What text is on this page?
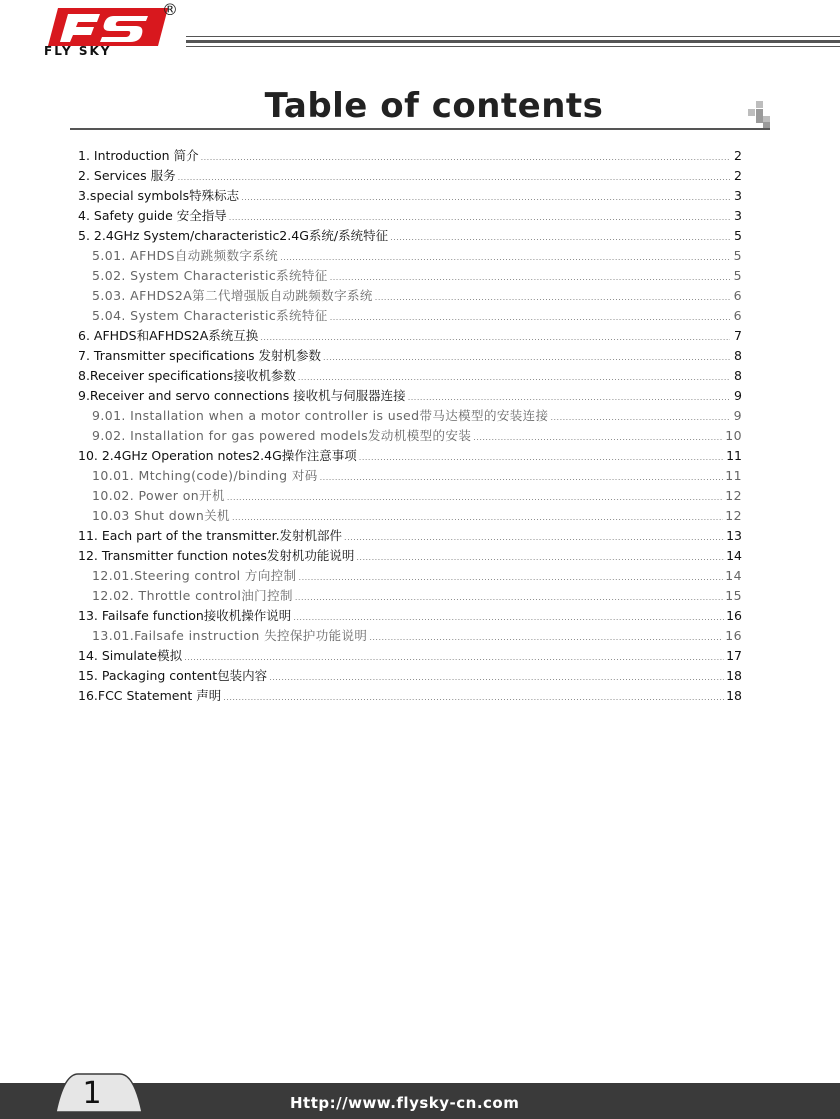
®
FLY SKY
Table of contents
1. Introduction 简介 .....	2
2. Services 服务 .....	2
3.special symbols特殊标志 .....	3
4. Safety guide 安全指导 .....	3
5. 2.4GHz System/characteristic2.4G系统/系统特征 .....	5
5.01. AFHDS自动跳频数字系统 .....	5
5.02. System Characteristic系统特征 .....	5
5.03. AFHDS2A第二代增强版自动跳频数字系统 .....	6
5.04. System Characteristic系统特征 .....	6
6. AFHDS和AFHDS2A系统互换 .....	7
7. Transmitter specifications 发射机参数 .....	8
8.Receiver specifications接收机参数 .....	8
9.Receiver and servo connections 接收机与伺服器连接 .....	9
9.01. Installation when a motor controller is used带马达模型的安装连接 .....	9
9.02. Installation for gas powered models发动机模型的安装 .....	10
10. 2.4GHz Operation notes2.4G操作注意事项 .....	11
10.01. Mtching(code)/binding 对码 .....	11
10.02. Power on开机 .....	12
10.03 Shut down关机 .....	12
11. Each part of the transmitter.发射机部件 .....	13
12. Transmitter function notes发射机功能说明 .....	14
12.01.Steering control 方向控制 .....	14
12.02. Throttle control油门控制 .....	15
13. Failsafe function接收机操作说明 .....	16
13.01.Failsafe instruction 失控保护功能说明 .....	16
14. Simulate模拟 .....	17
15. Packaging content包装内容 .....	18
16.FCC Statement 声明 .....	18
1	Http://www.flysky-cn.com
